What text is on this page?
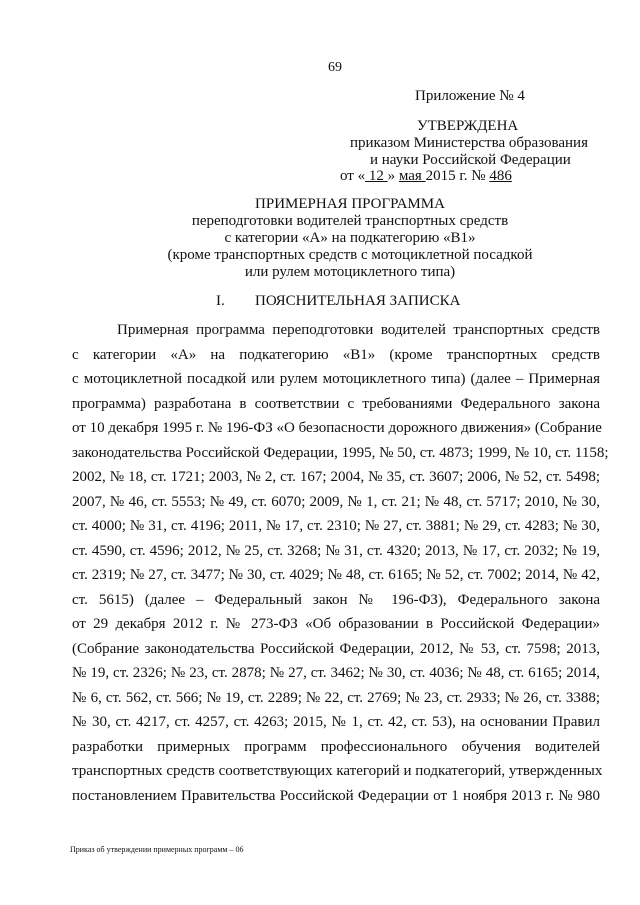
69
Приложение № 4
УТВЕРЖДЕНА
приказом Министерства образования
и науки Российской Федерации
от « 12 » мая 2015 г. № 486
ПРИМЕРНАЯ ПРОГРАММА
переподготовки водителей транспортных средств
с категории «А» на подкатегорию «В1»
(кроме транспортных средств с мотоциклетной посадкой
или рулем мотоциклетного типа)
I. ПОЯСНИТЕЛЬНАЯ ЗАПИСКА
Примерная программа переподготовки водителей транспортных средств
с категории «А» на подкатегорию «В1» (кроме транспортных средств
с мотоциклетной посадкой или рулем мотоциклетного типа) (далее – Примерная
программа) разработана в соответствии с требованиями Федерального закона
от 10 декабря 1995 г. № 196-ФЗ «О безопасности дорожного движения» (Собрание
законодательства Российской Федерации, 1995, № 50, ст. 4873; 1999, № 10, ст. 1158;
2002, № 18, ст. 1721; 2003, № 2, ст. 167; 2004, № 35, ст. 3607; 2006, № 52, ст. 5498;
2007, № 46, ст. 5553; № 49, ст. 6070; 2009, № 1, ст. 21; № 48, ст. 5717; 2010, № 30,
ст. 4000; № 31, ст. 4196; 2011, № 17, ст. 2310; № 27, ст. 3881; № 29, ст. 4283; № 30,
ст. 4590, ст. 4596; 2012, № 25, ст. 3268; № 31, ст. 4320; 2013, № 17, ст. 2032; № 19,
ст. 2319; № 27, ст. 3477; № 30, ст. 4029; № 48, ст. 6165; № 52, ст. 7002; 2014, № 42,
ст. 5615) (далее – Федеральный закон № 196-ФЗ), Федерального закона
от 29 декабря 2012 г. № 273-ФЗ «Об образовании в Российской Федерации»
(Собрание законодательства Российской Федерации, 2012, № 53, ст. 7598; 2013,
№ 19, ст. 2326; № 23, ст. 2878; № 27, ст. 3462; № 30, ст. 4036; № 48, ст. 6165; 2014,
№ 6, ст. 562, ст. 566; № 19, ст. 2289; № 22, ст. 2769; № 23, ст. 2933; № 26, ст. 3388;
№ 30, ст. 4217, ст. 4257, ст. 4263; 2015, № 1, ст. 42, ст. 53), на основании Правил
разработки примерных программ профессионального обучения водителей
транспортных средств соответствующих категорий и подкатегорий, утвержденных
постановлением Правительства Российской Федерации от 1 ноября 2013 г. № 980
Приказ об утверждении примерных программ – 06
